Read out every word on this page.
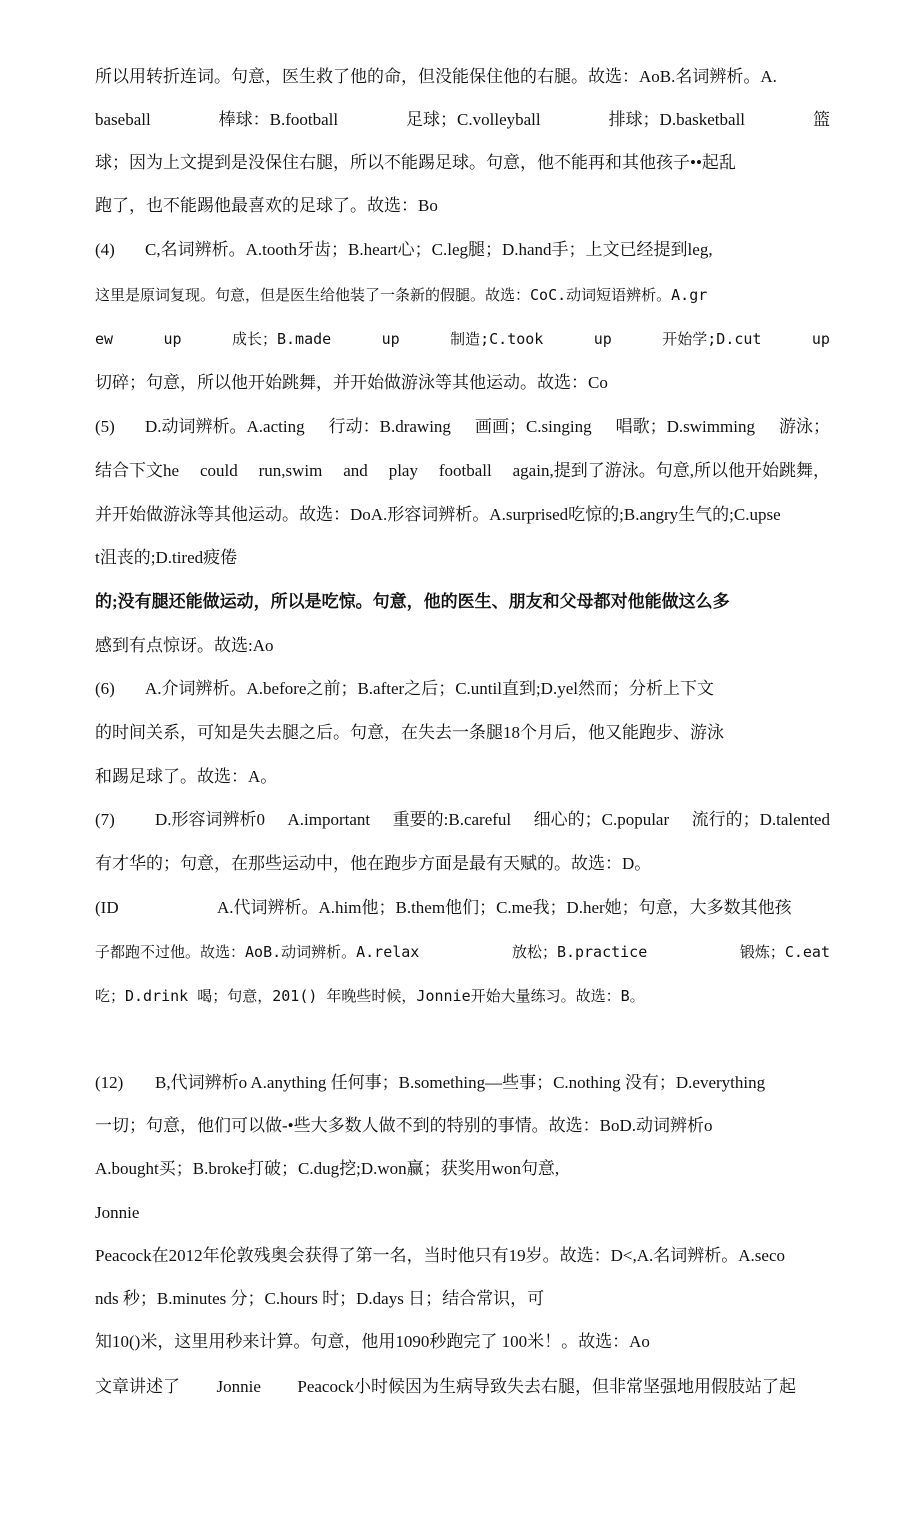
所以用转折连词。句意，医生救了他的命，但没能保住他的右腿。故选：AoB.名词辨析。A.
baseball	棒球：B.football	足球；C.volleyball	排球；D.basketball	篮
球；因为上文提到是没保住右腿，所以不能踢足球。句意，他不能再和其他孩子••起乱
跑了，也不能踢他最喜欢的足球了。故选：Bo
(4) C,名词辨析。A.tooth牙齿；B.heart心；C.leg腿；D.hand手；上文已经提到leg,
这里是原词复现。句意，但是医生给他装了一条新的假腿。故选：CoC.动词短语辨析。A.gr
ew	up	成长；B.made	up	制造;C.took	up	开始学;D.cut	up
切碎；句意，所以他开始跳舞，并开始做游泳等其他运动。故选：Co
(5)	D.动词辨析。A.acting 行动：B.drawing 画画；C.singing 唱歌；D.swimming 游泳；
结合下文he could run,swim and play football again,提到了游泳。句意,所以他开始跳舞，
并开始做游泳等其他运动。故选：DoA.形容词辨析。A.surprised吃惊的;B.angry生气的;C.upse
t沮丧的;D.tired疲倦
的;没有腿还能做运动，所以是吃惊。句意，他的医生、朋友和父母都对他能做这么多
感到有点惊讶。故选:Ao
(6) A.介词辨析。A.before之前；B.after之后；C.until直到;D.yel然而；分析上下文
的时间关系，可知是失去腿之后。句意，在失去一条腿18个月后，他又能跑步、游泳
和踢足球了。故选：A。
(7)	D.形容词辨析0 A.important 重要的:B.careful 细心的；C.popular 流行的；D.talented
有才华的；句意，在那些运动中，他在跑步方面是最有天赋的。故选：D。
(ID	A.代词辨析。A.him他；B.them他们；C.me我；D.her她；句意，大多数其他孩
子都跑不过他。故选：AoB.动词辨析。A.relax	放松；B.practice	锻炼；C.eat
吃；D.drink 喝；句意，201() 年晚些时候，Jonnie开始大量练习。故选：B。
(12) B,代词辨析o A.anything 任何事；B.something—些事；C.nothing 没有；D.everything
一切；句意，他们可以做-•些大多数人做不到的特别的事情。故选：BoD.动词辨析o
A.bought买；B.broke打破；C.dug挖;D.won赢；获奖用won句意,
Jonnie
Peacock在2012年伦敦残奥会获得了第一名，当时他只有19岁。故选：D<,A.名词辨析。A.seco
nds 秒；B.minutes 分；C.hours 时；D.days 日；结合常识，可
知10()米，这里用秒来计算。句意，他用1090秒跑完了 100米！。故选：Ao
文章讲述了 Jonnie Peacock小时候因为生病导致失去右腿，但非常坚强地用假肢站了起
